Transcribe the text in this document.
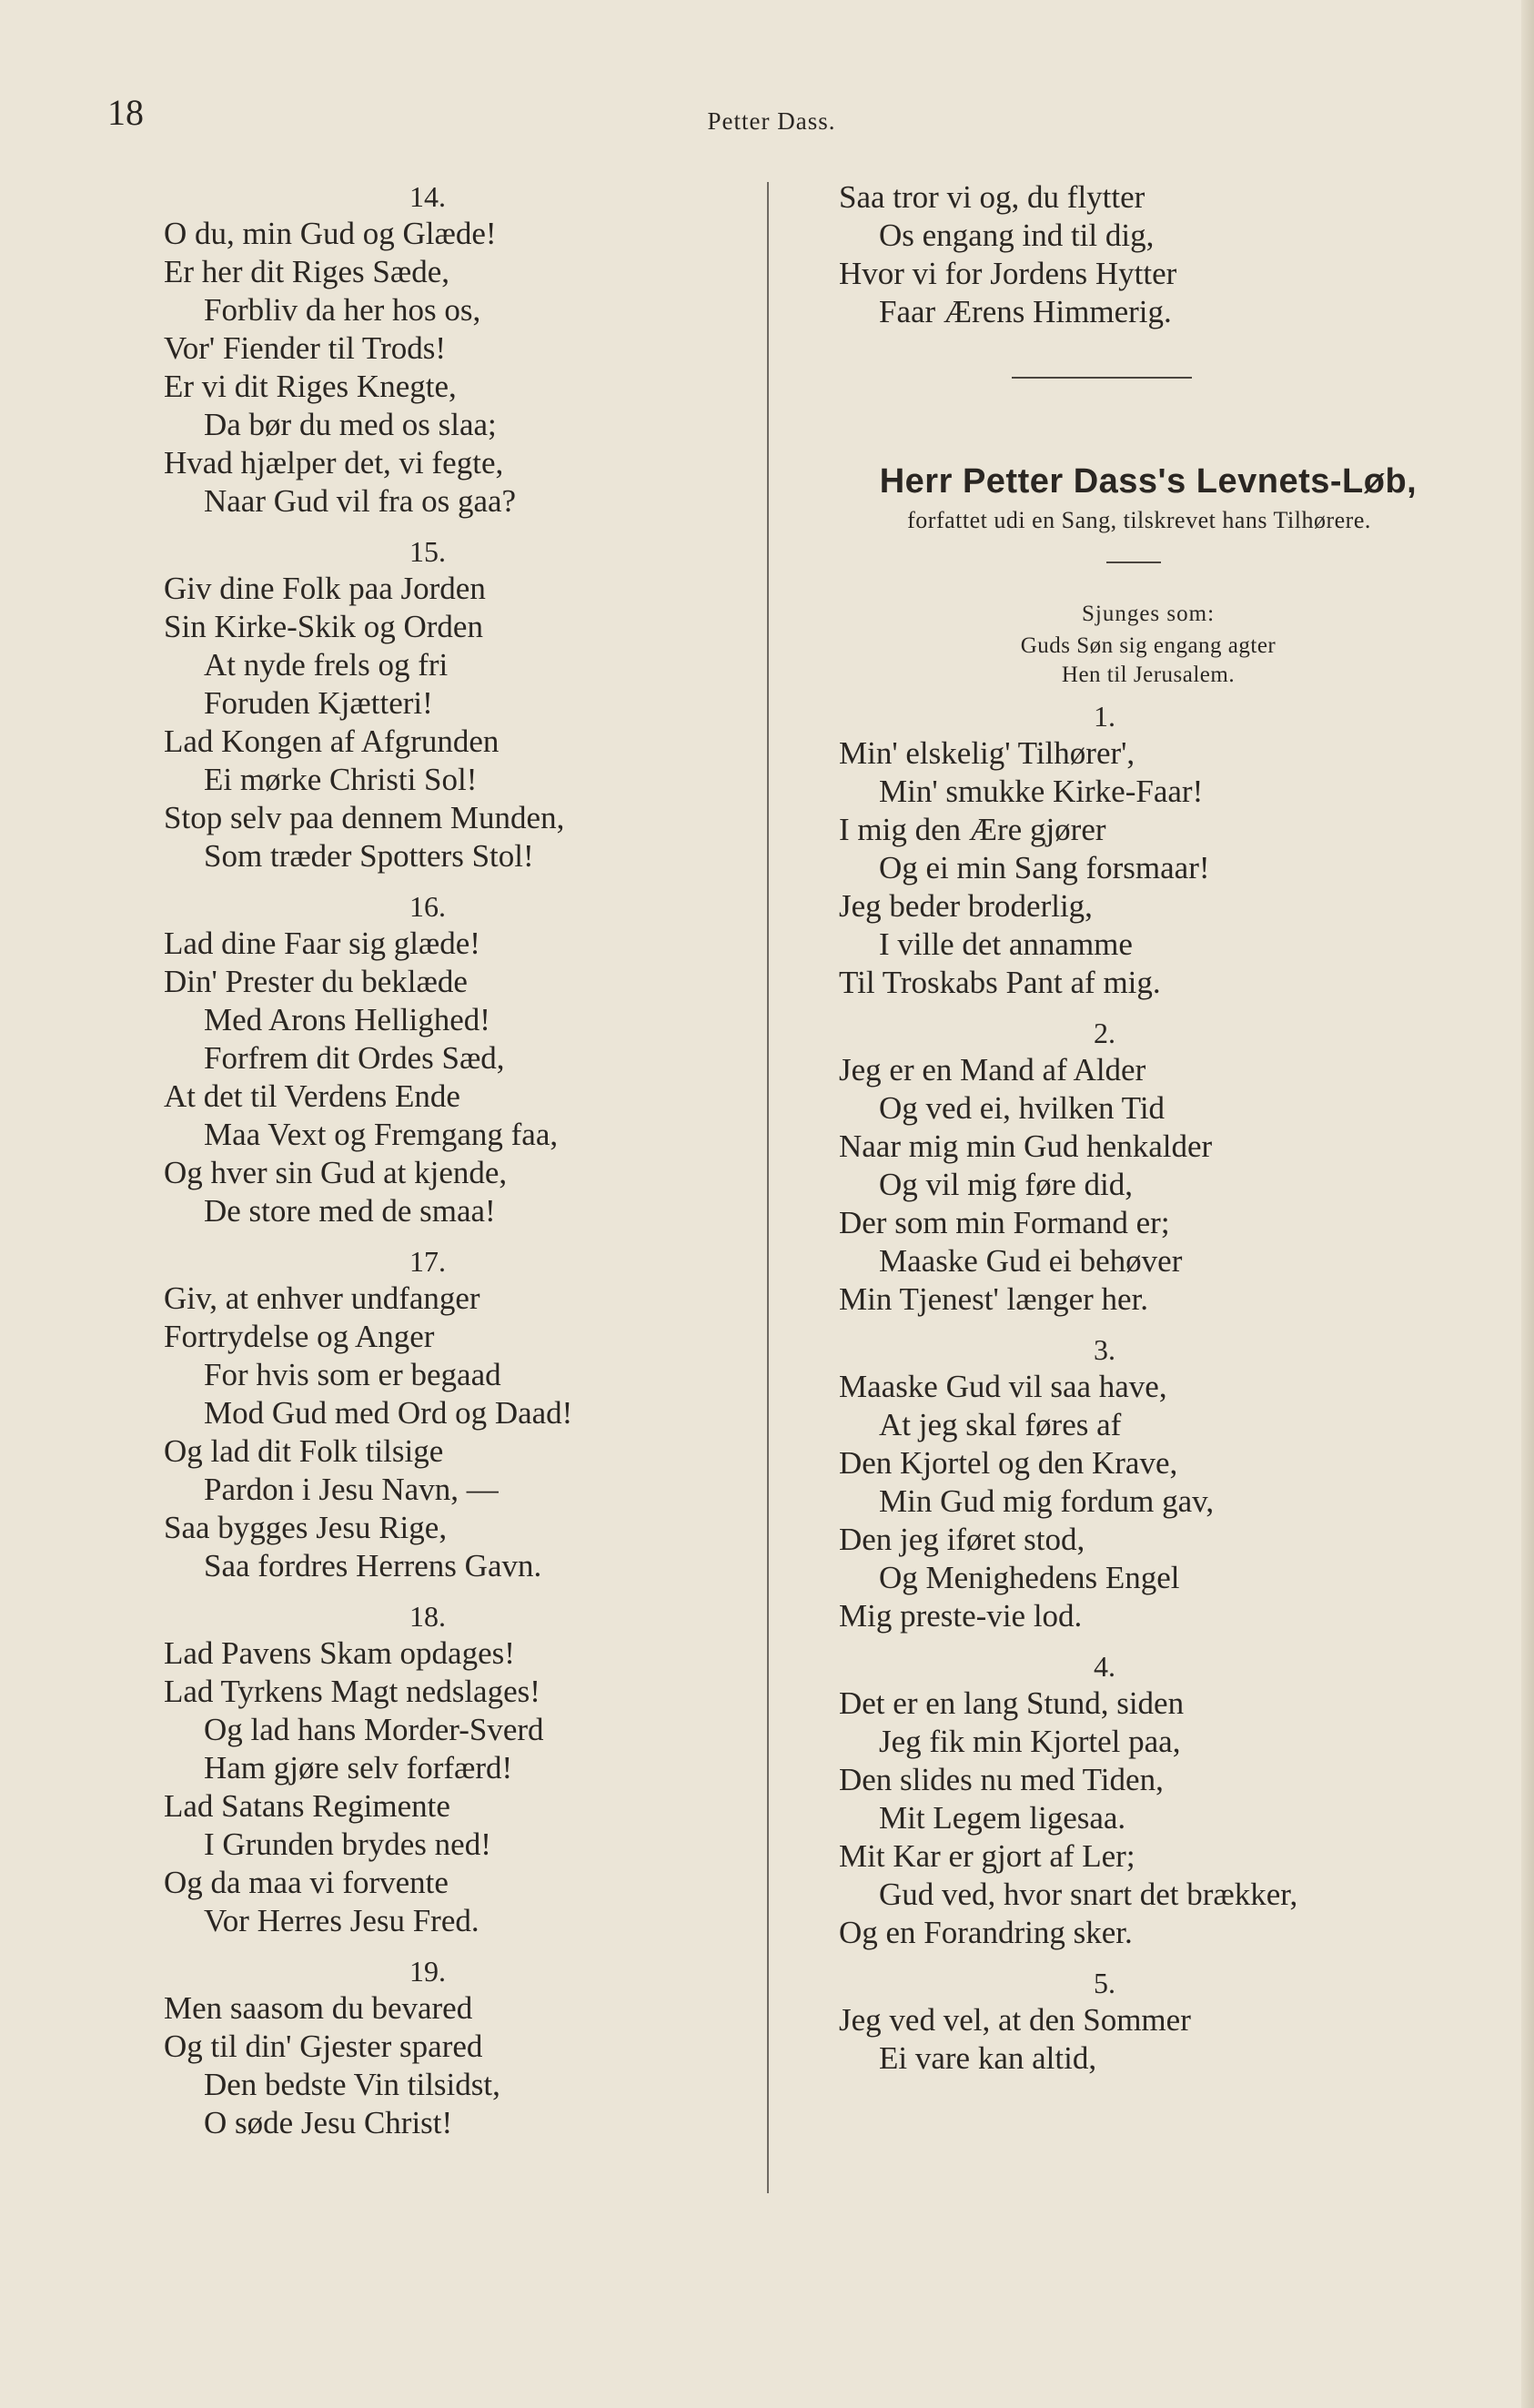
18	Petter Dass.
14.
O du, min Gud og Glæde!
Er her dit Riges Sæde,
Forbliv da her hos os,
Vor' Fiender til Trods!
Er vi dit Riges Knegte,
Da bør du med os slaa;
Hvad hjælper det, vi fegte,
Naar Gud vil fra os gaa?
15.
Giv dine Folk paa Jorden
Sin Kirke-Skik og Orden
At nyde frels og fri
Foruden Kjætteri!
Lad Kongen af Afgrunden
Ei mørke Christi Sol!
Stop selv paa dennem Munden,
Som træder Spotters Stol!
16.
Lad dine Faar sig glæde!
Din' Prester du beklæde
Med Arons Hellighed!
Forfrem dit Ordes Sæd,
At det til Verdens Ende
Maa Vext og Fremgang faa,
Og hver sin Gud at kjende,
De store med de smaa!
17.
Giv, at enhver undfanger
Fortrydelse og Anger
For hvis som er begaad
Mod Gud med Ord og Daad!
Og lad dit Folk tilsige
Pardon i Jesu Navn, —
Saa bygges Jesu Rige,
Saa fordres Herrens Gavn.
18.
Lad Pavens Skam opdages!
Lad Tyrkens Magt nedslages!
Og lad hans Morder-Sverd
Ham gjøre selv forfærd!
Lad Satans Regimente
I Grunden brydes ned!
Og da maa vi forvente
Vor Herres Jesu Fred.
19.
Men saasom du bevared
Og til din' Gjester spared
Den bedste Vin tilsidst,
O søde Jesu Christ!
Saa tror vi og, du flytter
Os engang ind til dig,
Hvor vi for Jordens Hytter
Faar Ærens Himmerig.
Herr Petter Dass's Levnets-Løb,
forfattet udi en Sang, tilskrevet hans Tilhørere.
Sjunges som:
Guds Søn sig engang agter
Hen til Jerusalem.
1.
Min' elskelig' Tilhører',
Min' smukke Kirke-Faar!
I mig den Ære gjører
Og ei min Sang forsmaar!
Jeg beder broderlig,
I ville det annamme
Til Troskabs Pant af mig.
2.
Jeg er en Mand af Alder
Og ved ei, hvilken Tid
Naar mig min Gud henkalder
Og vil mig føre did,
Der som min Formand er;
Maaske Gud ei behøver
Min Tjenest' længer her.
3.
Maaske Gud vil saa have,
At jeg skal føres af
Den Kjortel og den Krave,
Min Gud mig fordum gav,
Den jeg iføret stod,
Og Menighedens Engel
Mig preste-vie lod.
4.
Det er en lang Stund, siden
Jeg fik min Kjortel paa,
Den slides nu med Tiden,
Mit Legem ligesaa.
Mit Kar er gjort af Ler;
Gud ved, hvor snart det brækker,
Og en Forandring sker.
5.
Jeg ved vel, at den Sommer
Ei vare kan altid,
